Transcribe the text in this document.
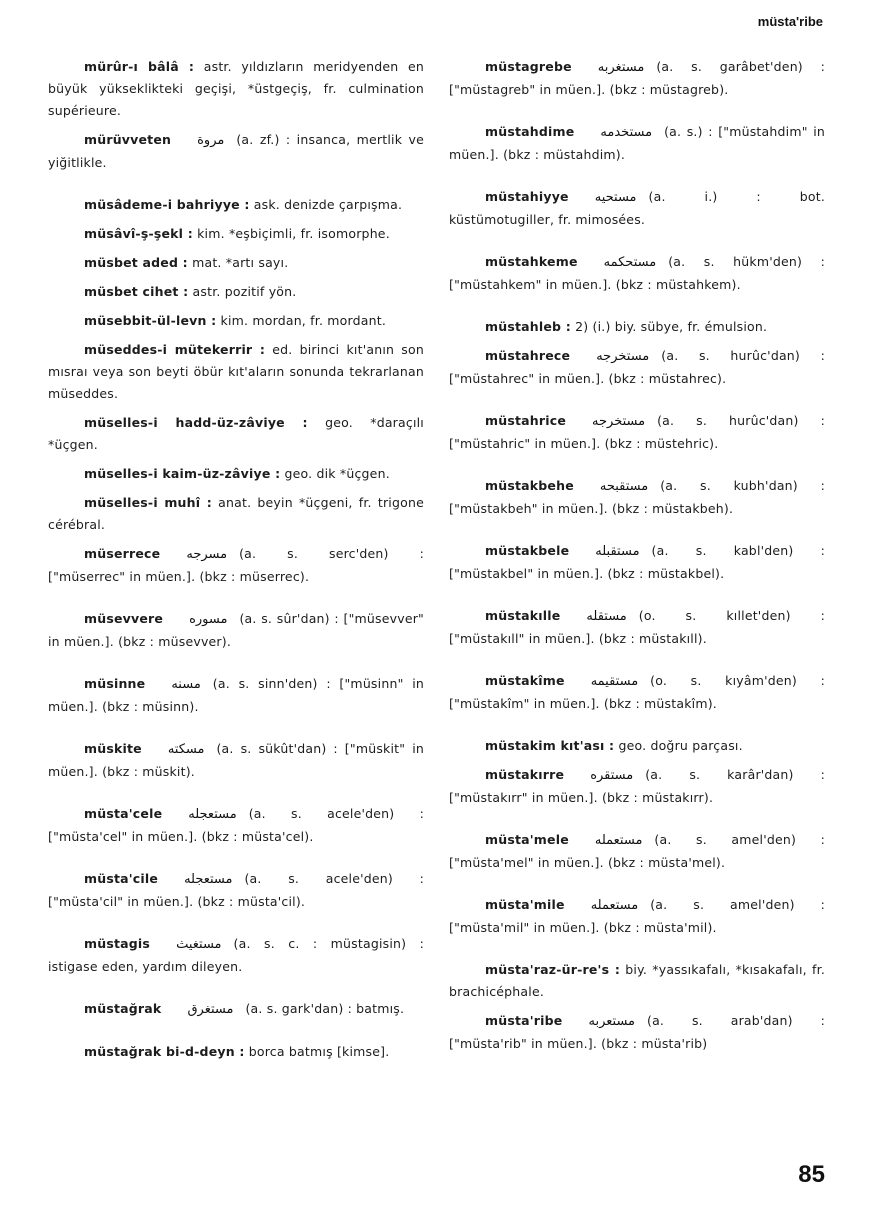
müsta'ribe

mürûr-ı bâlâ : astr. yıldızların meridyenden en büyük yükseklikteki geçişi, *üstgeçiş, fr. culmination supérieure.

mürüvveten مروة (a. zf.) : insanca, mertlik ve yiğitlikle.

müsâdeme-i bahriyye : ask. denizde çarpışma.

müsâvî-ş-şekl : kim. *eşbiçimli, fr. isomorphe.

müsbet aded : mat. *artı sayı.

müsbet cihet : astr. pozitif yön.

müsebbit-ül-levn : kim. mordan, fr. mordant.

müseddes-i mütekerrir : ed. birinci kıt'anın son mısraı veya son beyti öbür kıt'aların sonunda tekrarlanan müseddes.

müselles-i hadd-üz-zâviye : geo. *daraçılı *üçgen.

müselles-i kaim-üz-zâviye : geo. dik *üçgen.

müselles-i muhî : anat. beyin *üçgeni, fr. trigone cérébral.

müserrece مسرجه (a. s. serc'den) : ["müserrec" in müen.]. (bkz : müserrec).

müsevvere مسوره (a. s. sûr'dan) : ["müsevver" in müen.]. (bkz : müsevver).

müsinne مسنه (a. s. sinn'den) : ["müsinn" in müen.]. (bkz : müsinn).

müskite مسكته (a. s. sükût'dan) : ["müskit" in müen.]. (bkz : müskit).

müsta'cele مستعجله (a. s. acele'den) : ["müsta'cel" in müen.]. (bkz : müsta'cel).

müsta'cile مستعجله (a. s. acele'den) : ["müsta'cil" in müen.]. (bkz : müsta'cil).

müstagis مستغيث (a. s. c. : müstagisin) : istigase eden, yardım dileyen.

müstağrak مستغرق (a. s. gark'dan) : batmış.

müstağrak bi-d-deyn : borca batmış [kimse].

müstagrebe مستغربه (a. s. garâbet'den) : ["müstagreb" in müen.]. (bkz : müstagreb).

müstahdime مستخدمه (a. s.) : ["müstahdim" in müen.]. (bkz : müstahdim).

müstahiyye مستحيه (a. i.) : bot. küstümotugiller, fr. mimosées.

müstahkeme مستحكمه (a. s. hükm'den) : ["müstahkem" in müen.]. (bkz : müstahkem).

müstahleb : 2) (i.) biy. sübye, fr. émulsion.

müstahrece مستخرجه (a. s. hurûc'dan) : ["müstahrec" in müen.]. (bkz : müstahrec).

müstahrice مستخرجه (a. s. hurûc'dan) : ["müstahric" in müen.]. (bkz : müstehric).

müstakbehe مستقبحه (a. s. kubh'dan) : ["müstakbeh" in müen.]. (bkz : müstakbeh).

müstakbele مستقبله (a. s. kabl'den) : ["müstakbel" in müen.]. (bkz : müstakbel).

müstakılle مستقله (o. s. kıllet'den) : ["müstakıll" in müen.]. (bkz : müstakıll).

müstakîme مستقيمه (o. s. kıyâm'den) : ["müstakîm" in müen.]. (bkz : müstakîm).

müstakim kıt'ası : geo. doğru parçası.

müstakırre مستقره (a. s. karâr'dan) : ["müstakırr" in müen.]. (bkz : müstakırr).

müsta'mele مستعمله (a. s. amel'den) : ["müsta'mel" in müen.]. (bkz : müsta'mel).

müsta'mile مستعمله (a. s. amel'den) : ["müsta'mil" in müen.]. (bkz : müsta'mil).

müsta'raz-ür-re's : biy. *yassıkafalı, *kısakafalı, fr. brachicéphale.

müsta'ribe مستعربه (a. s. arab'dan) : ["müsta'rib" in müen.]. (bkz : müsta'rib)

85
